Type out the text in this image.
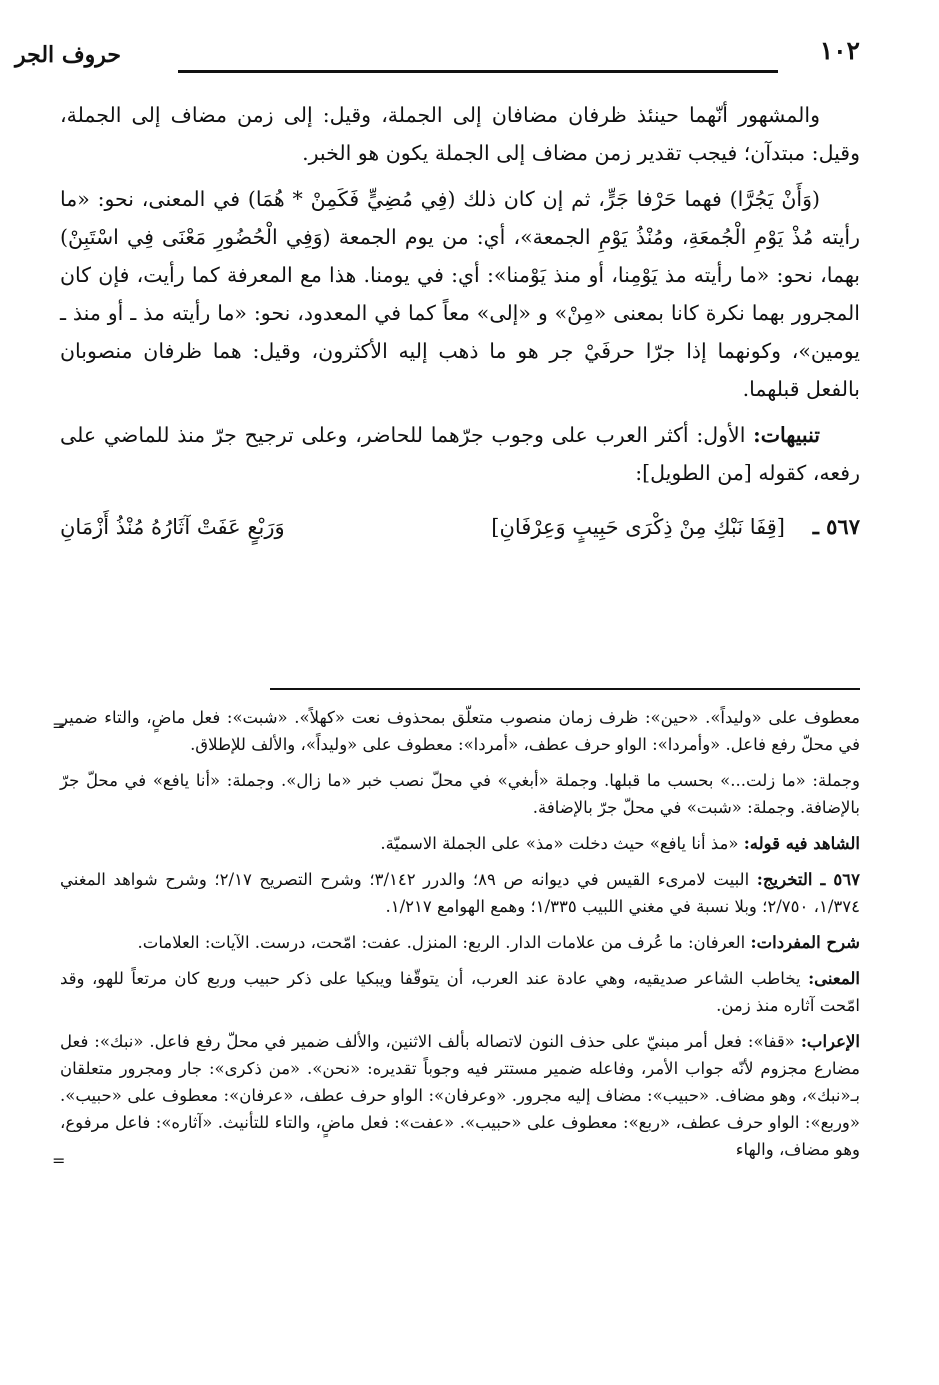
١٠٢
حروف الجر

والمشهور أنّهما حينئذ ظرفان مضافان إلى الجملة، وقيل: إلى زمن مضاف إلى الجملة، وقيل: مبتدآن؛ فيجب تقدير زمن مضاف إلى الجملة يكون هو الخبر.

(وَأَنْ يَجُرَّا) فهما حَرْفا جَرٍّ، ثم إن كان ذلك (فِي مُضِيٍّ فَكَمِنْ * هُمَا) في المعنى، نحو: «ما رأيته مُذْ يَوْمِ الْجُمعَةِ، ومُنْذُ يَوْمِ الجمعة»، أي: من يوم الجمعة (وَفِي الْحُضُورِ مَعْنَى فِي اسْتَبِنْ) بهما، نحو: «ما رأيته مذ يَوْمِنا، أو منذ يَوْمنا»: أي: في يومنا. هذا مع المعرفة كما رأيت، فإن كان المجرور بهما نكرة كانا بمعنى «مِنْ» و «إلى» معاً كما في المعدود، نحو: «ما رأيته مذ ـ أو منذ ـ يومين»، وكونهما إذا جرّا حرفَيْ جر هو ما ذهب إليه الأكثرون، وقيل: هما ظرفان منصوبان بالفعل قبلهما.

تنبيهات: الأول: أكثر العرب على وجوب جرّهما للحاضر، وعلى ترجيح جرّ منذ للماضي على رفعه، كقوله [من الطويل]:

٥٦٧ ـ
[قِفَا نَبْكِ مِنْ ذِكْرَى حَبِيبٍ وَعِرْفَانِ]
وَرَبْعٍ عَفَتْ آثَارُهُ مُنْذُ أَزْمَانِ
=

معطوف على «وليداً». «حين»: ظرف زمان منصوب متعلّق بمحذوف نعت «كهلاً». «شبت»: فعل ماضٍ، والتاء ضمير في محلّ رفع فاعل. «وأمردا»: الواو حرف عطف، «أمردا»: معطوف على «وليداً»، والألف للإطلاق.

وجملة: «ما زلت...» بحسب ما قبلها. وجملة «أبغي» في محلّ نصب خبر «ما زال». وجملة: «أنا يافع» في محلّ جرّ بالإضافة. وجملة: «شبت» في محلّ جرّ بالإضافة.

الشاهد فيه قوله: «مذ أنا يافع» حيث دخلت «مذ» على الجملة الاسميّة.

٥٦٧ ـ التخريج: البيت لامرىء القيس في ديوانه ص ٨٩؛ والدرر ٣/١٤٢؛ وشرح التصريح ٢/١٧؛ وشرح شواهد المغني ١/٣٧٤، ٢/٧٥٠؛ وبلا نسبة في مغني اللبيب ١/٣٣٥؛ وهمع الهوامع ١/٢١٧.

شرح المفردات: العرفان: ما عُرف من علامات الدار. الربع: المنزل. عفت: امّحت، درست. الآيات: العلامات.

المعنى: يخاطب الشاعر صديقيه، وهي عادة عند العرب، أن يتوقّفا ويبكيا على ذكر حبيب وربع كان مرتعاً للهو، وقد امّحت آثاره منذ زمن.

الإعراب: «قفا»: فعل أمر مبنيّ على حذف النون لاتصاله بألف الاثنين، والألف ضمير في محلّ رفع فاعل. «نبك»: فعل مضارع مجزوم لأنّه جواب الأمر، وفاعله ضمير مستتر فيه وجوباً تقديره: «نحن». «من ذكرى»: جار ومجرور متعلقان بـ«نبك»، وهو مضاف. «حبيب»: مضاف إليه مجرور. «وعرفان»: الواو حرف عطف، «عرفان»: معطوف على «حبيب». «وربع»: الواو حرف عطف، «ربع»: معطوف على «حبيب». «عفت»: فعل ماضٍ، والتاء للتأنيث. «آثاره»: فاعل مرفوع، وهو مضاف، والهاء

=
